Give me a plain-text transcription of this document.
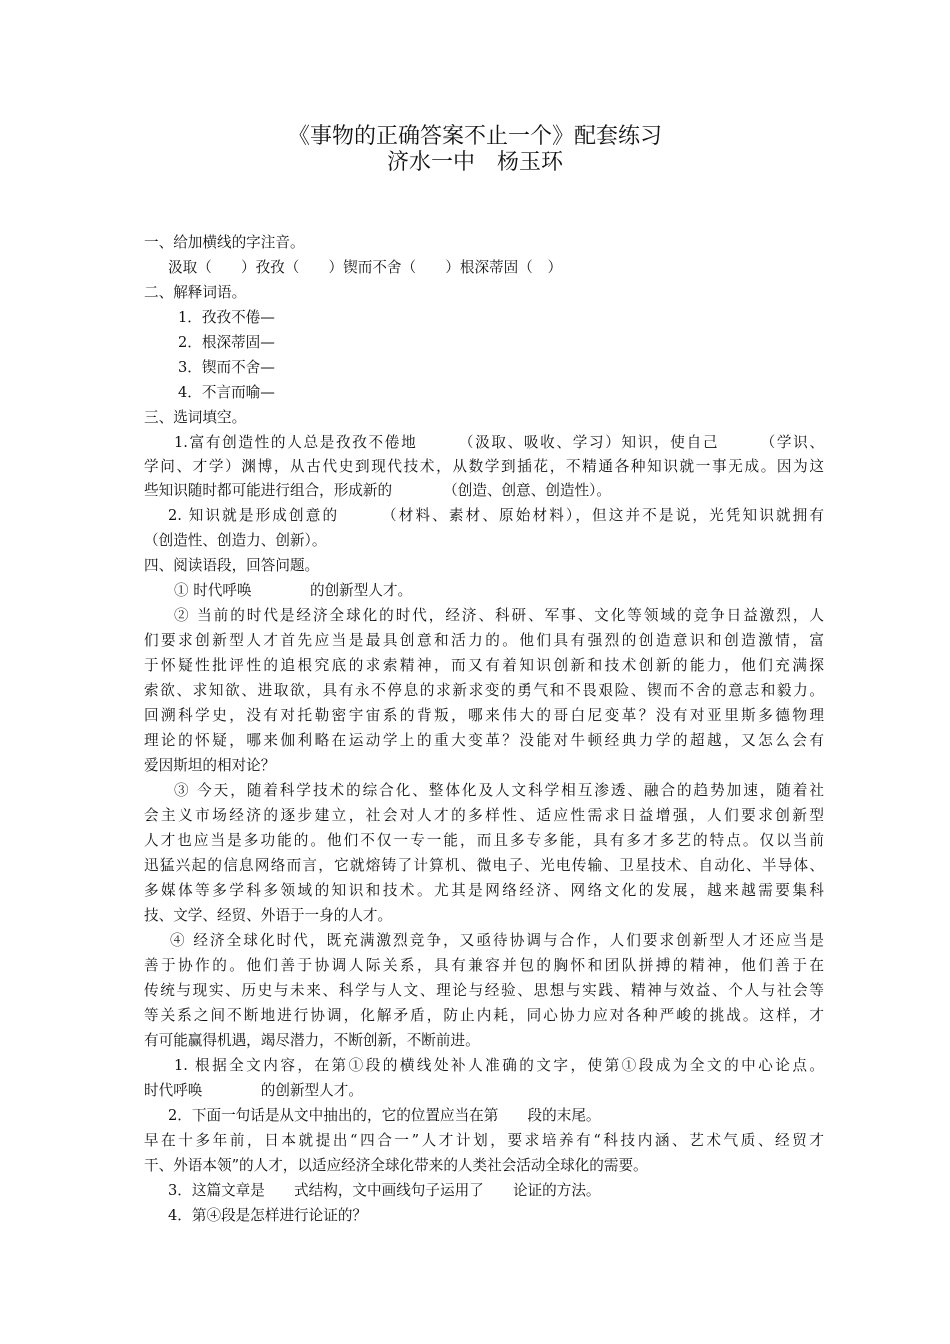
《事物的正确答案不止一个》配套练习
济水一中　杨玉环
一、给加横线的字注音。
汲取（　　）孜孜（　　）锲而不舍（　　）根深蒂固（　）
二、解释词语。
1．孜孜不倦—
2．根深蒂固—
3．锲而不舍—
4．不言而喻—
三、选词填空。
1.富有创造性的人总是孜孜不倦地　　　（汲取、吸收、学习）知识，使自己　　　（学识、
学问、才学）渊博，从古代史到现代技术，从数学到插花，不精通各种知识就一事无成。因为这
些知识随时都可能进行组合，形成新的　　　　（创造、创意、创造性）。
2. 知识就是形成创意的　　　（材料、素材、原始材料），但这并不是说，光凭知识就拥有
（创造性、创造力、创新）。
四、阅读语段，回答问题。
① 时代呼唤　　　　的创新型人才。
② 当前的时代是经济全球化的时代，经济、科研、军事、文化等领域的竞争日益激烈，人
们要求创新型人才首先应当是最具创意和活力的。他们具有强烈的创造意识和创造激情，富
于怀疑性批评性的追根究底的求索精神，而又有着知识创新和技术创新的能力，他们充满探
索欲、求知欲、进取欲，具有永不停息的求新求变的勇气和不畏艰险、锲而不舍的意志和毅力。
回溯科学史，没有对托勒密宇宙系的背叛，哪来伟大的哥白尼变革？没有对亚里斯多德物理
理论的怀疑，哪来伽利略在运动学上的重大变革？没能对牛顿经典力学的超越，又怎么会有
爱因斯坦的相对论？
③ 今天，随着科学技术的综合化、整体化及人文科学相互渗透、融合的趋势加速，随着社
会主义市场经济的逐步建立，社会对人才的多样性、适应性需求日益增强，人们要求创新型
人才也应当是多功能的。他们不仅一专一能，而且多专多能，具有多才多艺的特点。仅以当前
迅猛兴起的信息网络而言，它就熔铸了计算机、微电子、光电传输、卫星技术、自动化、半导体、
多媒体等多学科多领域的知识和技术。尤其是网络经济、网络文化的发展，越来越需要集科
技、文学、经贸、外语于一身的人才。
④ 经济全球化时代，既充满激烈竞争，又亟待协调与合作，人们要求创新型人才还应当是
善于协作的。他们善于协调人际关系，具有兼容并包的胸怀和团队拼搏的精神，他们善于在
传统与现实、历史与未来、科学与人文、理论与经验、思想与实践、精神与效益、个人与社会等
等关系之间不断地进行协调，化解矛盾，防止内耗，同心协力应对各种严峻的挑战。这样，才
有可能赢得机遇，竭尽潜力，不断创新，不断前进。
1. 根据全文内容，在第①段的横线处补人准确的文字，使第①段成为全文的中心论点。
时代呼唤　　　　的创新型人才。
2．下面一句话是从文中抽出的，它的位置应当在第　　段的末尾。
早在十多年前，日本就提出“四合一”人才计划，要求培养有“科技内涵、艺术气质、经贸才
干、外语本领”的人才，以适应经济全球化带来的人类社会活动全球化的需要。
3．这篇文章是　　式结构，文中画线句子运用了　　论证的方法。
4．第④段是怎样进行论证的？
